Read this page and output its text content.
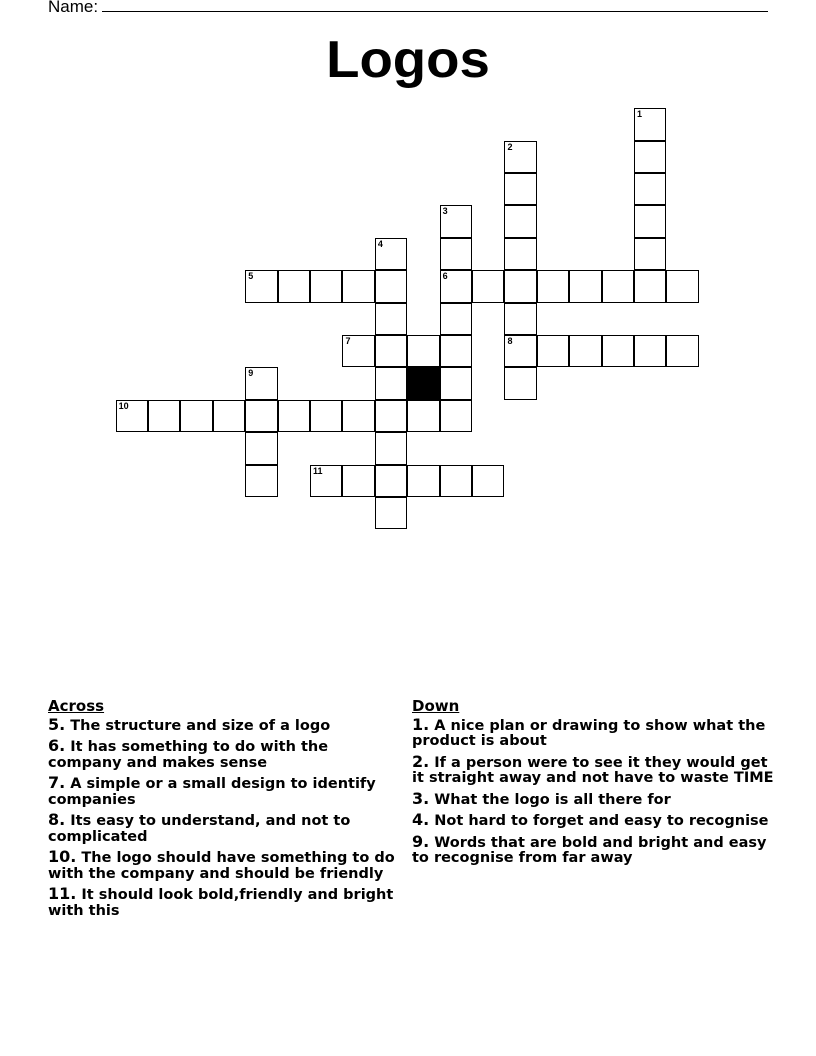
Name:
Logos
1
2
8
3
6
4
5
7
9
10
11
Across
5. The structure and size of a logo
6. It has something to do with the company and makes sense
7. A simple or a small design to identify companies
8. Its easy to understand, and not to complicated
10. The logo should have something to do with the company and should be friendly
11. It should look bold,friendly and bright with this
Down
1. A nice plan or drawing to show what the product is about
2. If a person were to see it they would get it straight away and not have to waste TIME
3. What the logo is all there for
4. Not hard to forget and easy to recognise
9. Words that are bold and bright and easy to recognise from far away
